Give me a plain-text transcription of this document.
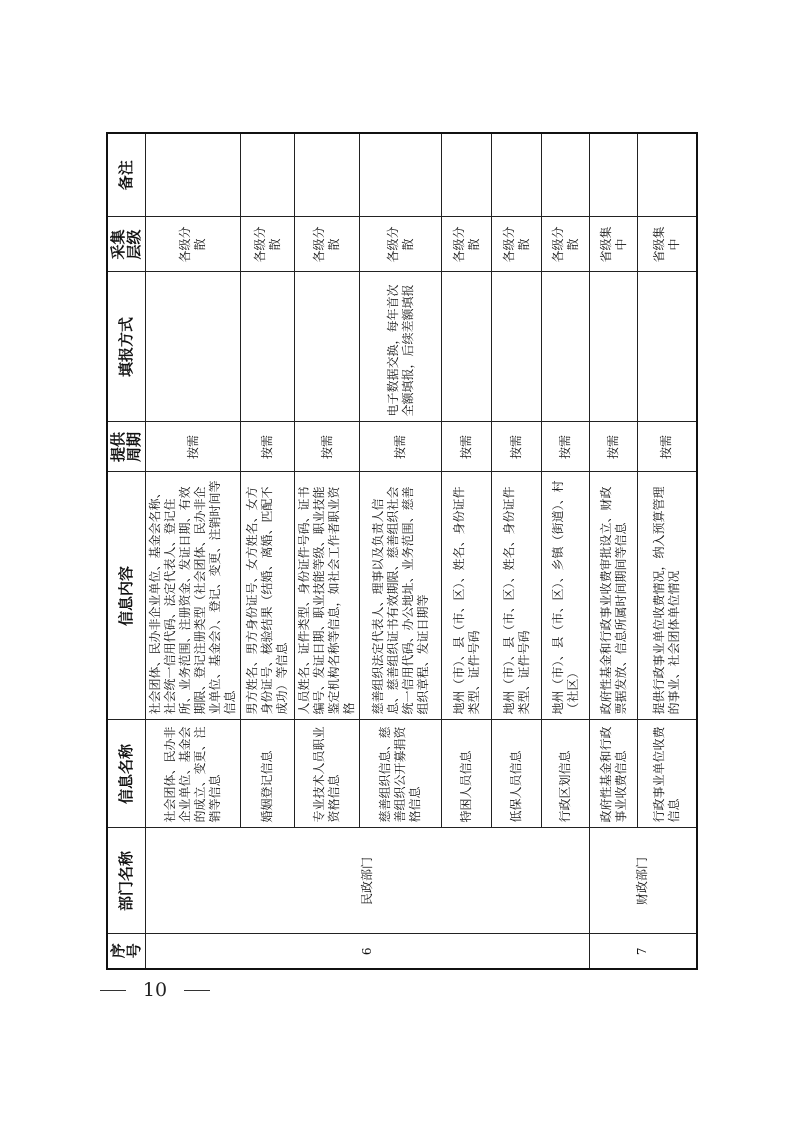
10
序号	部门名称	信息名称	信息内容	提供周期	填报方式	采集层级	备注
6	民政部门	社会团体、民办非企业单位、基金会的成立、变更、注销等信息	社会团体、民办非企业单位、基金会名称、社会统一信用代码、法定代表人、登记住所、业务范围、注册资金、发证日期、有效期限、登记注册类型（社会团体、民办非企业单位、基金会）、登记、变更、注销时间等信息	按需		各级分散	
		婚姻登记信息	男方姓名、男方身份证号、女方姓名、女方身份证号、核验结果（结婚、离婚、匹配不成功）等信息	按需		各级分散	
		专业技术人员职业资格信息	人员姓名、证件类型、身份证件号码、证书编号、发证日期、职业技能等级、职业技能鉴定机构名称等信息，如社会工作者职业资格	按需		各级分散	
		慈善组织信息、慈善组织公开募捐资格信息	慈善组织法定代表人、理事以及负责人信息、慈善组织证书有效期限、慈善组织社会统一信用代码、办公地址、业务范围、慈善组织章程、发证日期等	按需	电子数据交换，每年首次全额填报，后续差额填报	各级分散	
		特困人员信息	地州（市）、县（市、区）、姓名、身份证件类型、证件号码	按需		各级分散	
		低保人员信息	地州（市）、县（市、区）、姓名、身份证件类型、证件号码	按需		各级分散	
		行政区划信息	地州（市）、县（市、区）、乡镇（街道）、村（社区）	按需		各级分散	
7	财政部门	政府性基金和行政事业收费信息	政府性基金和行政事业收费审批设立、财政票据发放、信息所属时间期间等信息	按需		省级集中	
		行政事业单位收费信息	提供行政事业单位收费情况，纳入预算管理的事业、社会团体单位情况	按需		省级集中	
